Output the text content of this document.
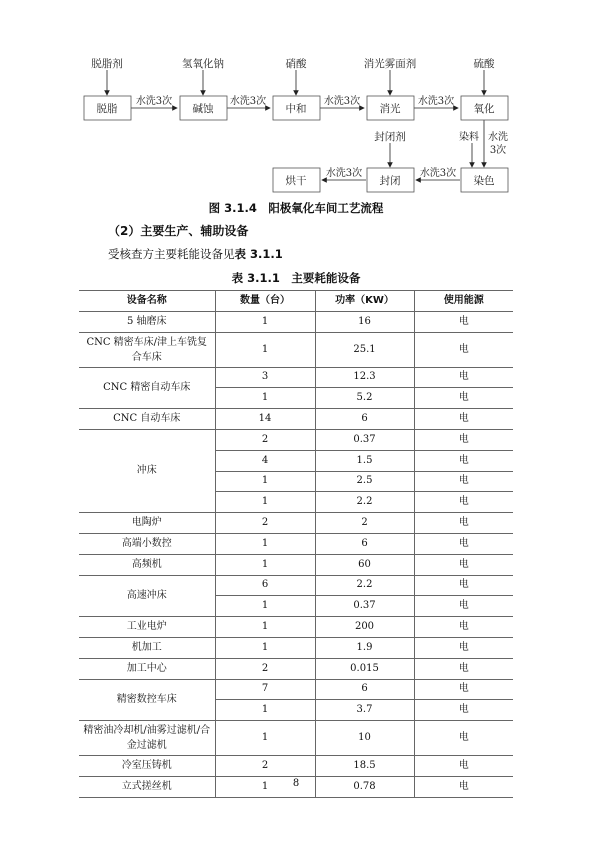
脱脂剂	氢氧化钠	硝酸	消光雾面剂	硫酸
封闭剂
脱脂	碱蚀	中和	消光	氧化
染色
封闭
烘干
水洗3次	水洗3次	水洗3次	水洗3次
染料 水洗
3次
水洗3次
水洗3次
图 3.1.4　阳极氧化车间工艺流程
（2）主要生产、辅助设备
受核查方主要耗能设备见表 3.1.1
表 3.1.1　主要耗能设备
设备名称	数量（台）	功率（KW）	使用能源
5 轴磨床	1	16	电
CNC 精密车床/津上车铣复合车床	1	25.1	电
CNC 精密自动车床	3	12.3	电
	1	5.2	电
CNC 自动车床	14	6	电
冲床	2	0.37	电
	4	1.5	电
	1	2.5	电
	1	2.2	电
电陶炉	2	2	电
高端小数控	1	6	电
高频机	1	60	电
高速冲床	6	2.2	电
	1	0.37	电
工业电炉	1	200	电
机加工	1	1.9	电
加工中心	2	0.015	电
精密数控车床	7	6	电
	1	3.7	电
精密油冷却机/油雾过滤机/合金过滤机	1	10	电
冷室压铸机	2	18.5	电
立式搓丝机	1	0.78	电
8
